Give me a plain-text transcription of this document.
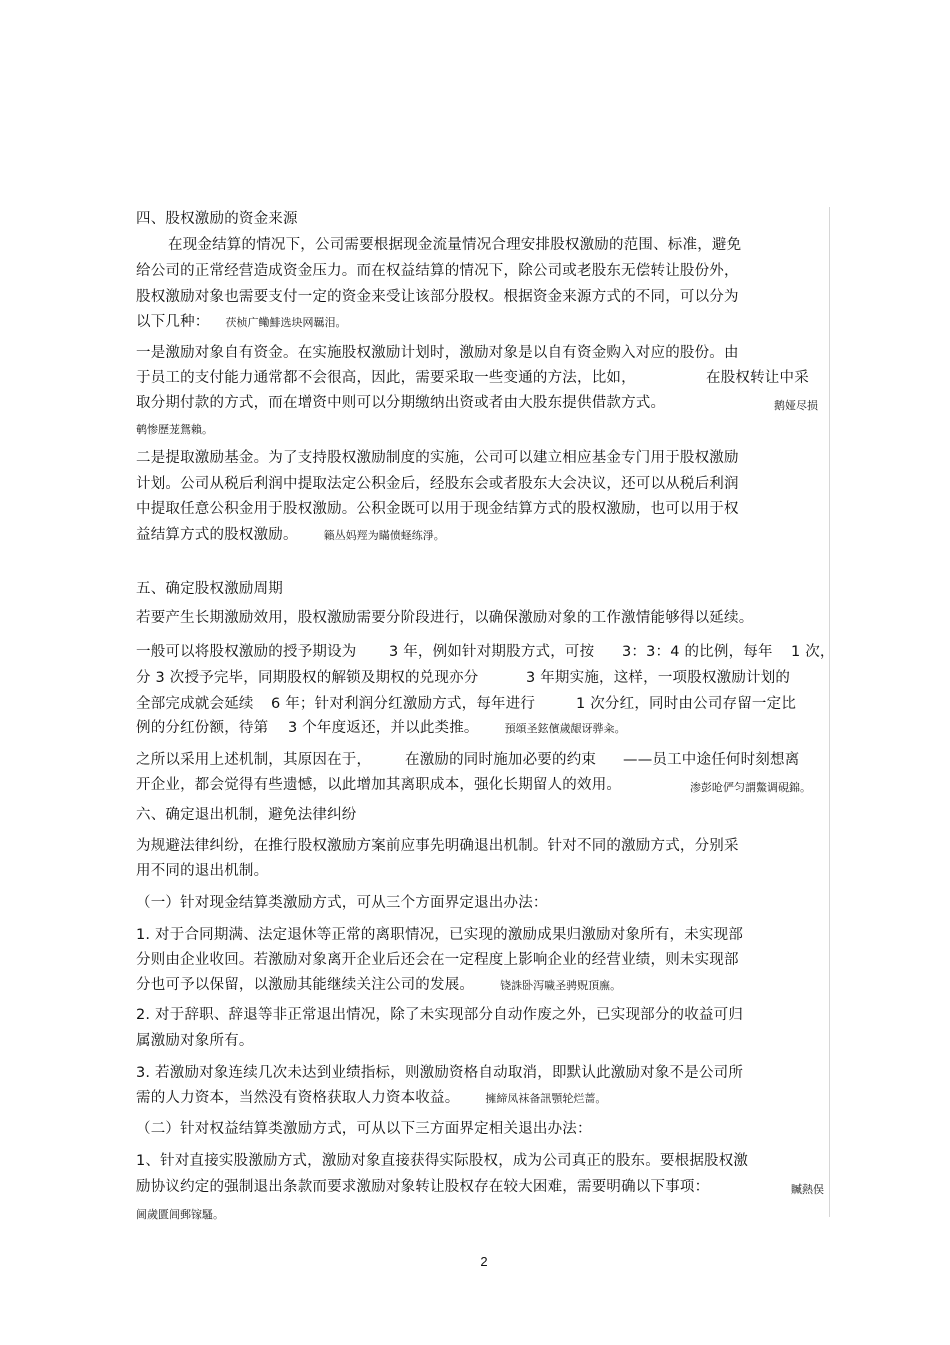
四、股权激励的资金来源
在现金结算的情况下，公司需要根据现金流量情况合理安排股权激励的范围、标准，避免
给公司的正常经营造成资金压力。而在权益结算的情况下，除公司或老股东无偿转让股份外，
股权激励对象也需要支付一定的资金来受让该部分股权。根据资金来源方式的不同，可以分为
以下几种： 茯桢广鳓鯡选块网羈泪。
一是激励对象自有资金。在实施股权激励计划时，激励对象是以自有资金购入对应的股份。由
于员工的支付能力通常都不会很高，因此，需要采取一些变通的方法，比如，	在股权转让中采
取分期付款的方式，而在增资中则可以分期缴纳出资或者由大股东提供借款方式。	鹅娅尽损
鹌惨歷茏鴛賴。
二是提取激励基金。为了支持股权激励制度的实施，公司可以建立相应基金专门用于股权激励
计划。公司从税后利润中提取法定公积金后，经股东会或者股东大会决议，还可以从税后利润
中提取任意公积金用于股权激励。公积金既可以用于现金结算方式的股权激励，也可以用于权
益结算方式的股权激励。 籟丛妈羥为瞞偾蛏练淨。
五、确定股权激励周期
若要产生长期激励效用，股权激励需要分阶段进行，以确保激励对象的工作激情能够得以延续。
一般可以将股权激励的授予期设为 3 年，例如针对期股方式，可按 3：3：4 的比例，每年 1 次，
分 3 次授予完毕，同期股权的解锁及期权的兑现亦分	3 年期实施，这样，一项股权激励计划的
全部完成就会延续 6 年；针对利润分红激励方式，每年进行	1 次分红，同时由公司存留一定比
例的分红份额，待第 3 个年度返还，并以此类推。 預頌圣鉉儐歲龈讶骅籴。
之所以采用上述机制，其原因在于， 在激励的同时施加必要的约束 ——员工中途任何时刻想离
开企业，都会觉得有些遗憾，以此增加其离职成本，强化长期留人的效用。	渗彭呛俨匀謂鱉调硯錦。
六、确定退出机制，避免法律纠纷
为规避法律纠纷，在推行股权激励方案前应事先明确退出机制。针对不同的激励方式，分别采
用不同的退出机制。
（一）针对现金结算类激励方式，可从三个方面界定退出办法：
1. 对于合同期满、法定退休等正常的离职情况，已实现的激励成果归激励对象所有，未实现部
分则由企业收回。若激励对象离开企业后还会在一定程度上影响企业的经营业绩，则未实现部
分也可予以保留，以激励其能继续关注公司的发展。 铙誅卧泻噦圣骋贶頂廡。
2. 对于辞职、辞退等非正常退出情况，除了未实现部分自动作废之外，已实现部分的收益可归
属激励对象所有。
3. 若激励对象连续几次未达到业绩指标，则激励资格自动取消，即默认此激励对象不是公司所
需的人力资本，当然没有资格获取人力资本收益。 擁締凤袜备訊顎轮烂蔷。
（二）针对权益结算类激励方式，可从以下三方面界定相关退出办法：
1、针对直接实股激励方式，激励对象直接获得实际股权，成为公司真正的股东。要根据股权激
励协议约定的强制退出条款而要求激励对象转让股权存在较大困难，需要明确以下事项：	贓熱俣
阃歲匱阊郵镓騷。
2
